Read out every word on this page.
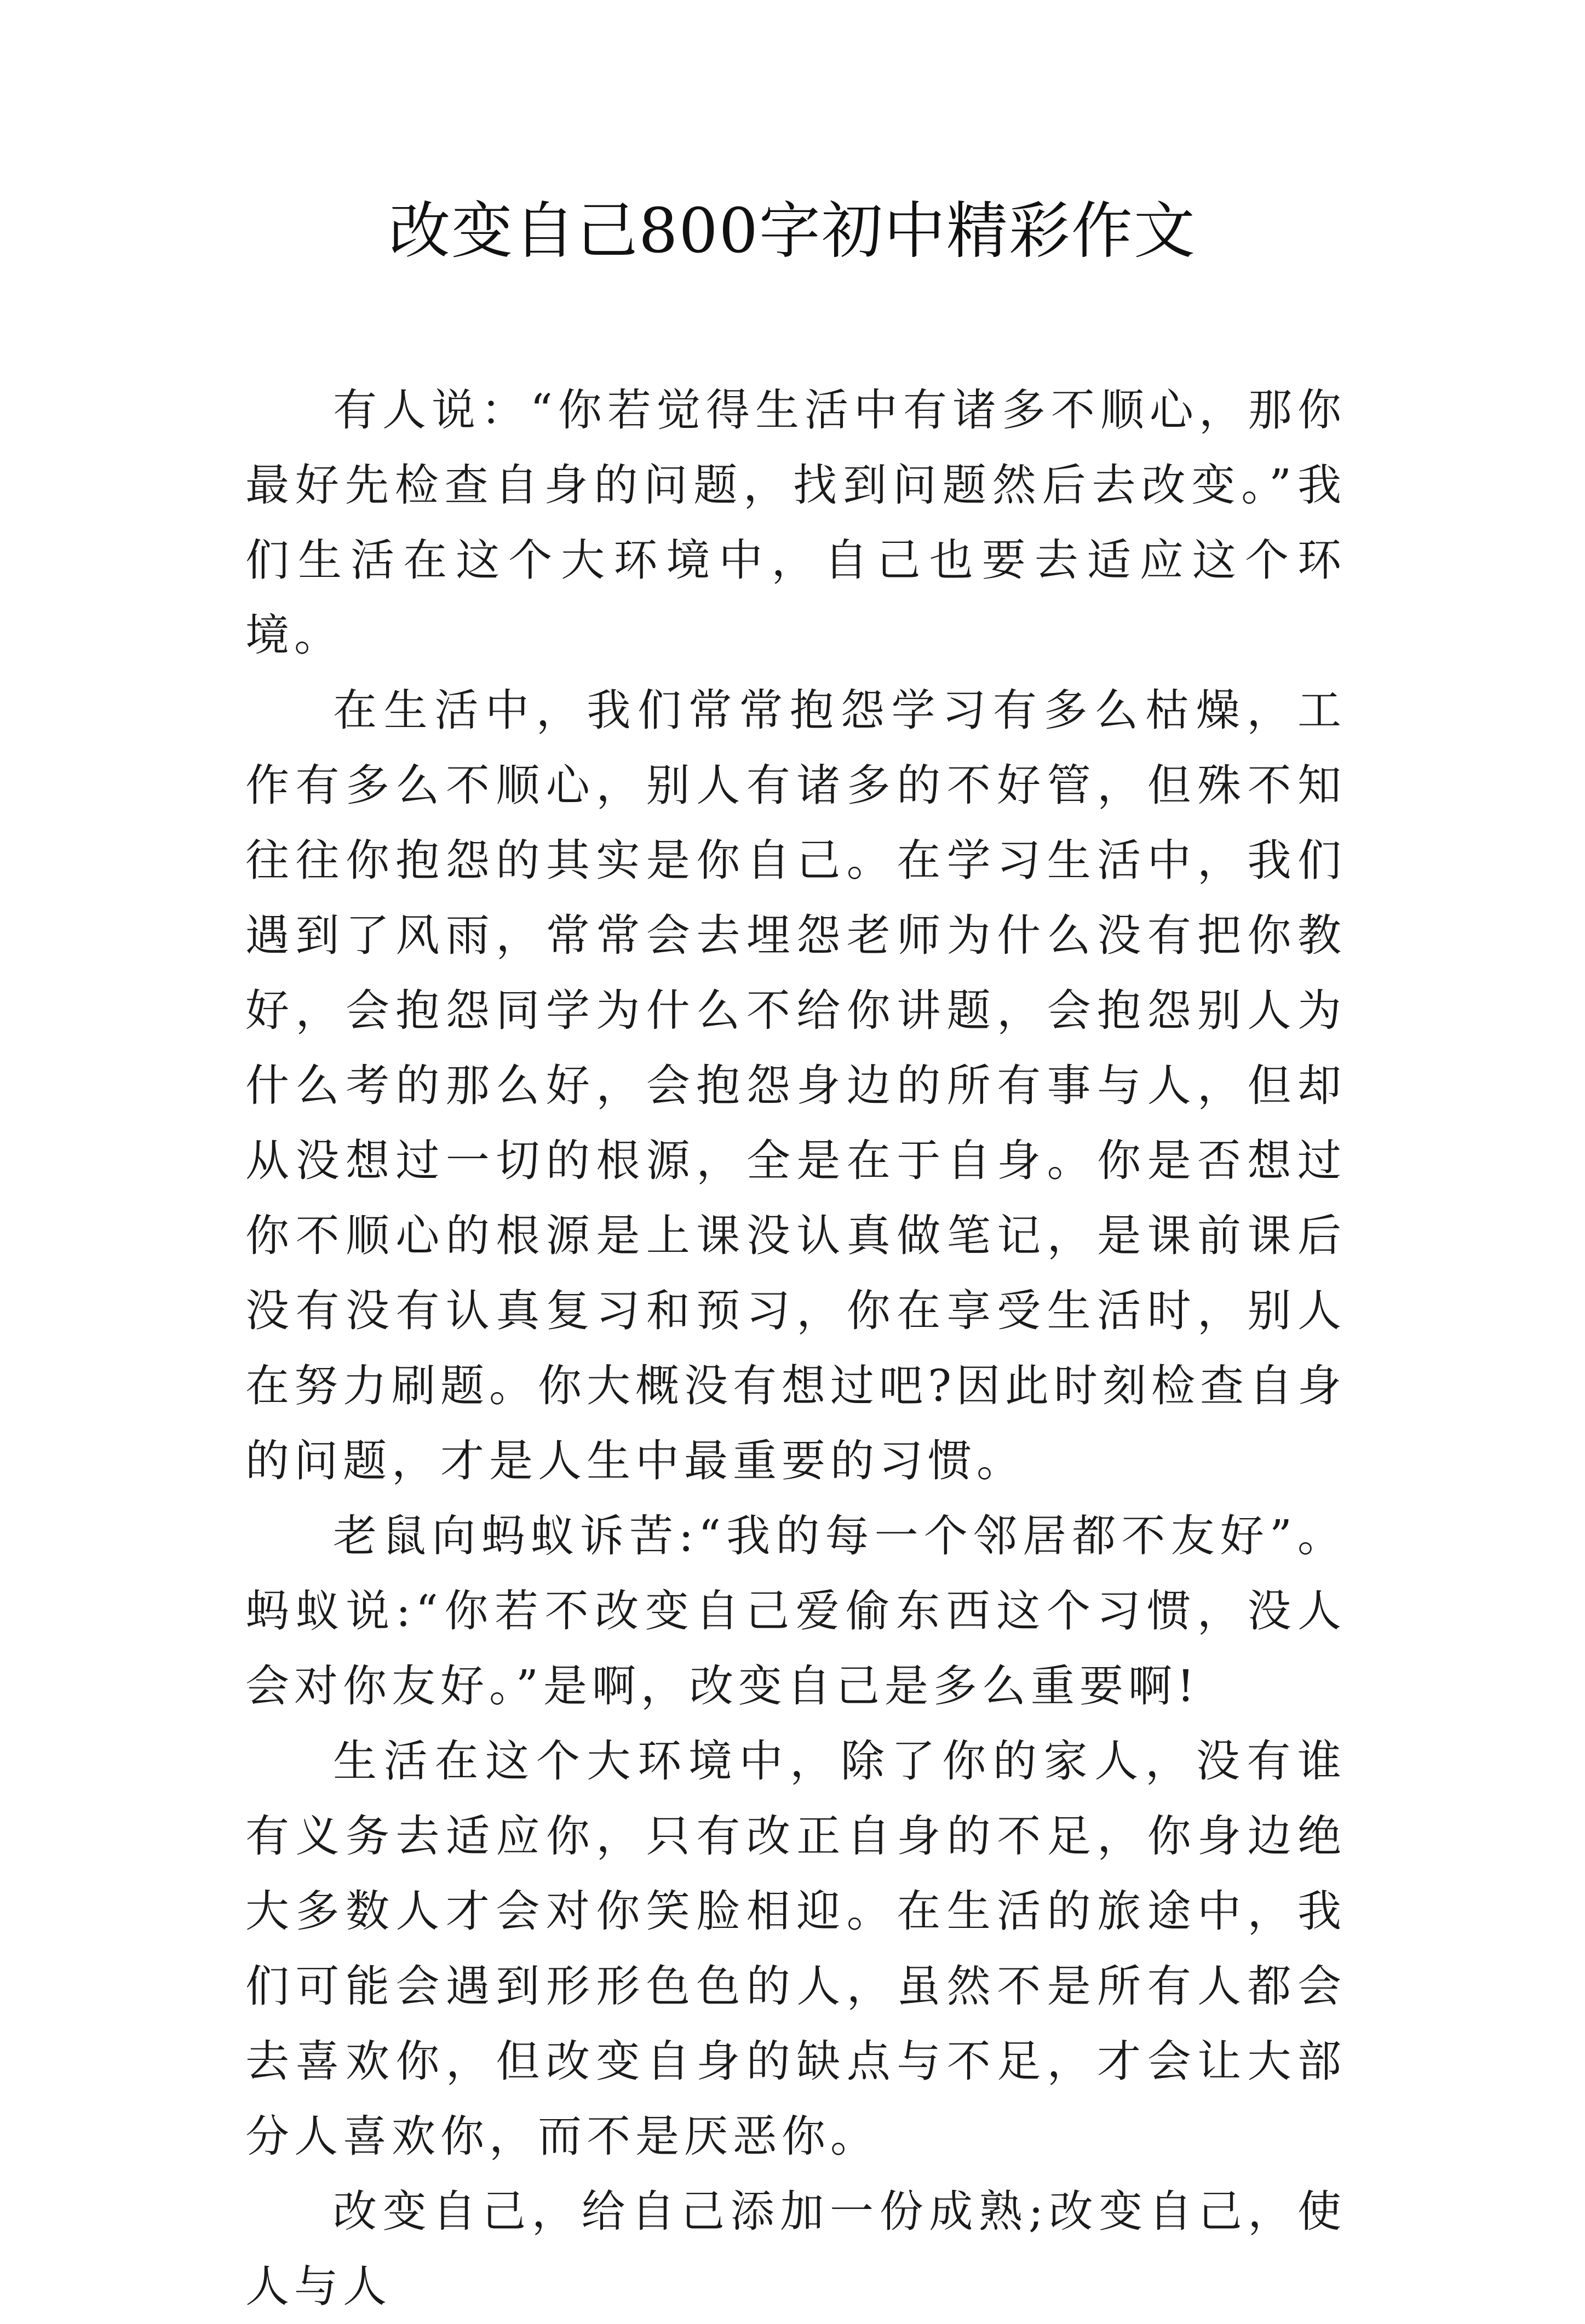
改变自己800字初中精彩作文

有人说：“你若觉得生活中有诸多不顺心，那你最好先检查自身的问题，找到问题然后去改变。”我们生活在这个大环境中，自己也要去适应这个环境。

在生活中，我们常常抱怨学习有多么枯燥，工作有多么不顺心，别人有诸多的不好管，但殊不知往往你抱怨的其实是你自己。在学习生活中，我们遇到了风雨，常常会去埋怨老师为什么没有把你教好，会抱怨同学为什么不给你讲题，会抱怨别人为什么考的那么好，会抱怨身边的所有事与人，但却从没想过一切的根源，全是在于自身。你是否想过你不顺心的根源是上课没认真做笔记，是课前课后没有没有认真复习和预习，你在享受生活时，别人在努力刷题。你大概没有想过吧?因此时刻检查自身的问题，才是人生中最重要的习惯。

老鼠向蚂蚁诉苦:“我的每一个邻居都不友好”。蚂蚁说:“你若不改变自己爱偷东西这个习惯，没人会对你友好。”是啊，改变自己是多么重要啊!

生活在这个大环境中，除了你的家人，没有谁有义务去适应你，只有改正自身的不足，你身边绝大多数人才会对你笑脸相迎。在生活的旅途中，我们可能会遇到形形色色的人，虽然不是所有人都会去喜欢你，但改变自身的缺点与不足，才会让大部分人喜欢你，而不是厌恶你。

改变自己，给自己添加一份成熟;改变自己，使人与人
